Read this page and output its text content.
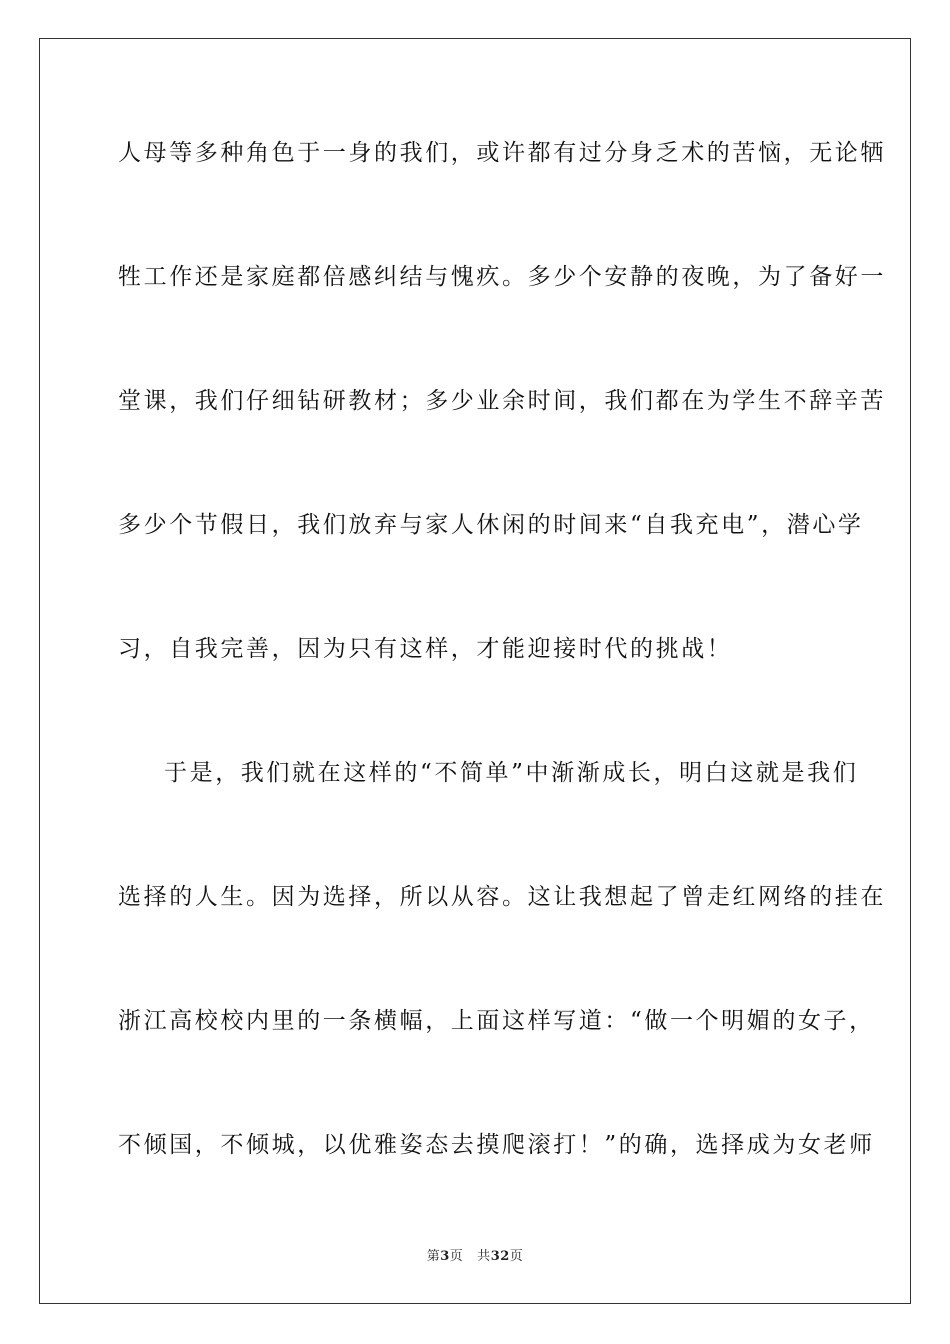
人母等多种角色于一身的我们，或许都有过分身乏术的苦恼，无论牺
牲工作还是家庭都倍感纠结与愧疚。多少个安静的夜晚，为了备好一
堂课，我们仔细钻研教材；多少业余时间，我们都在为学生不辞辛苦
多少个节假日，我们放弃与家人休闲的时间来“自我充电”，潜心学
习，自我完善，因为只有这样，才能迎接时代的挑战！
于是，我们就在这样的“不简单”中渐渐成长，明白这就是我们
选择的人生。因为选择，所以从容。这让我想起了曾走红网络的挂在
浙江高校校内里的一条横幅，上面这样写道：“做一个明媚的女子，
不倾国，不倾城，以优雅姿态去摸爬滚打！”的确，选择成为女老师
第3页 共32页
